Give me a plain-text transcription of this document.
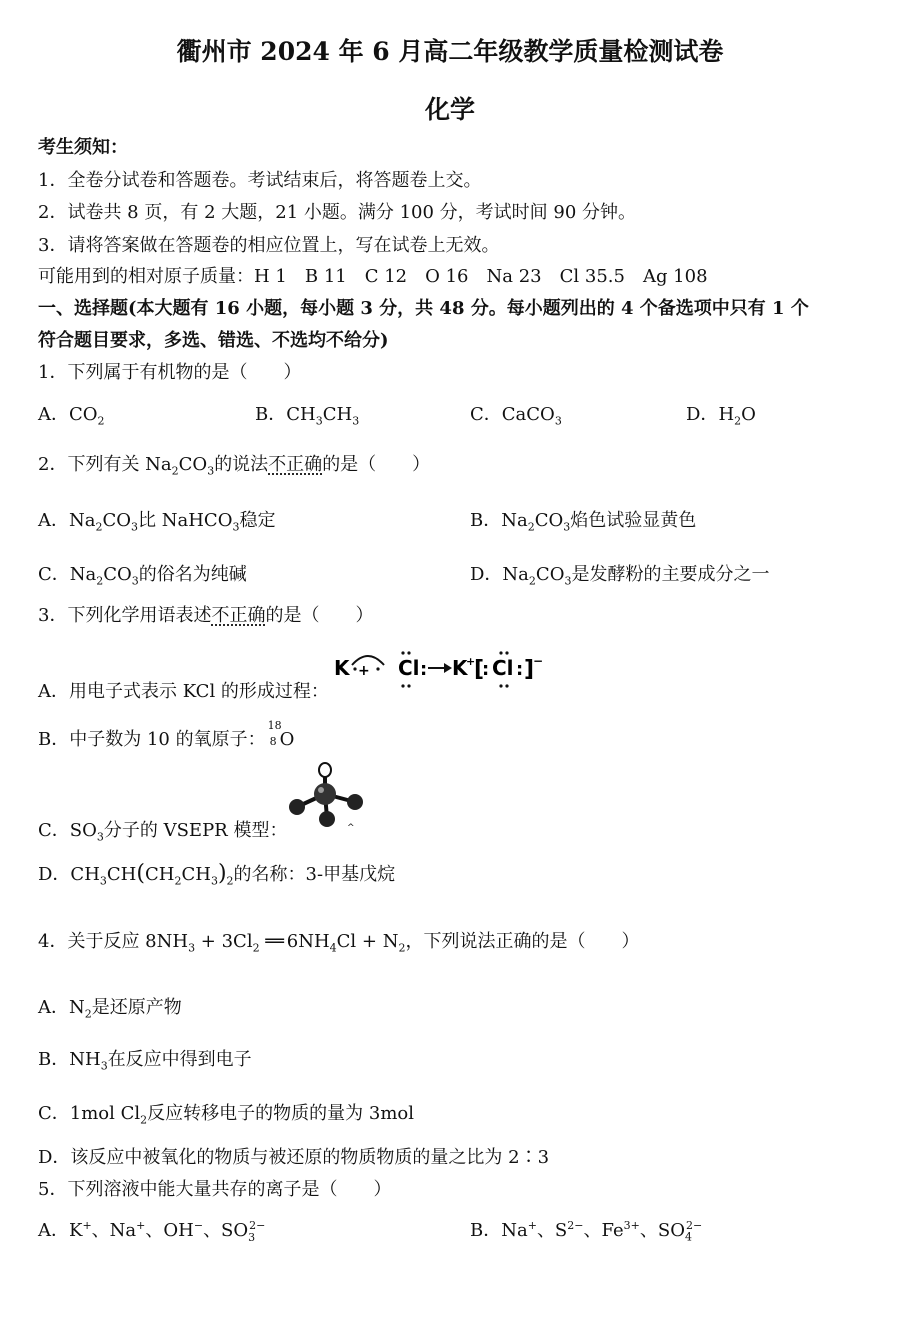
衢州市 2024 年 6 月高二年级教学质量检测试卷
化学
考生须知：
1．全卷分试卷和答题卷。考试结束后，将答题卷上交。
2．试卷共 8 页，有 2 大题，21 小题。满分 100 分，考试时间 90 分钟。
3．请将答案做在答题卷的相应位置上，写在试卷上无效。
可能用到的相对原子质量：H 1　B 11　C 12　O 16　Na 23　Cl 35.5　Ag 108
一、选择题(本大题有 16 小题，每小题 3 分，共 48 分。每小题列出的 4 个备选项中只有 1 个
符合题目要求，多选、错选、不选均不给分)
1．下列属于有机物的是（　　）
A．$CO_2$	B．$CH_3CH_3$	C．CaCO$_3$	D．$H_2O$
2．下列有关 $Na_2CO_3$的说法不正确的是（　　）
A．$Na_2CO_3$比 NaHCO$_3$稳定	B．$Na_2CO_3$焰色试验显黄色
C．$Na_2CO_3$的俗名为纯碱	D．$Na_2CO_3$是发酵粉的主要成分之一
3．下列化学用语表述不正确的是（　　）
A．用电子式表示 KCl 的形成过程：
K + Cl : K
+
[
: Cl : ]
−
B．中子数为 10 的氧原子：
18
8 O
C．$SO_3$分子的 VSEPR 模型：	^
D．$CH_3CH(CH_2CH_3)_2$的名称：3-甲基戊烷
4．关于反应 $8NH_3 + 3Cl_2$ ══ $6NH_4Cl + N_2$，下列说法正确的是（　　）
A．$N_2$是还原产物
B．$NH_3$在反应中得到电子
C．1mol $Cl_2$反应转移电子的物质的量为 3mol
D．该反应中被氧化的物质与被还原的物质物质的量之比为 2∶3
5．下列溶液中能大量共存的离子是（　　）
A．K+、Na+、OH−、$SO_3^{2-}$	B．Na+、$S^{2-}$、$Fe^{3+}$、$SO_4^{2-}$
